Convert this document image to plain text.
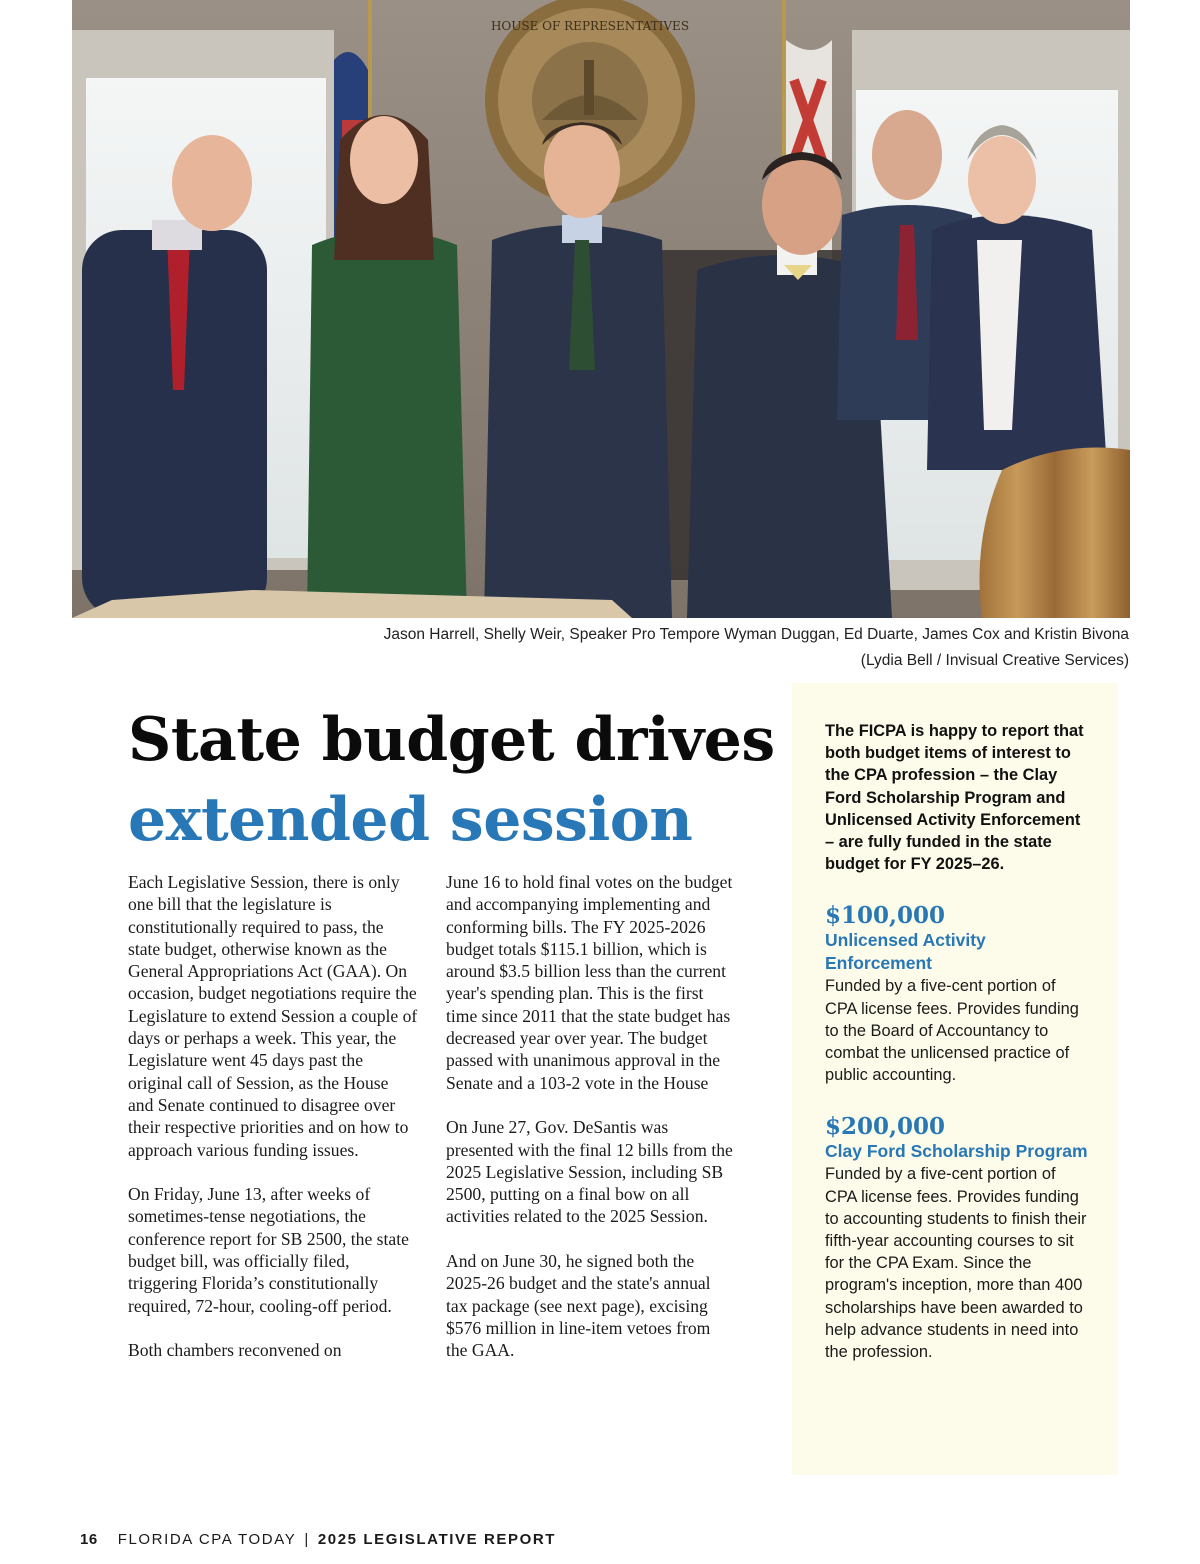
HOUSE OF REPRESENTATIVES
Jason Harrell, Shelly Weir, Speaker Pro Tempore Wyman Duggan, Ed Duarte, James Cox and Kristin Bivona
(Lydia Bell / Invisual Creative Services)
State budget drives
extended session

Each Legislative Session, there is only one bill that the legislature is constitutionally required to pass, the state budget, otherwise known as the General Appropriations Act (GAA). On occasion, budget negotiations require the Legislature to extend Session a couple of days or perhaps a week. This year, the Legislature went 45 days past the original call of Session, as the House and Senate continued to disagree over their respective priorities and on how to approach various funding issues.

On Friday, June 13, after weeks of sometimes-tense negotiations, the conference report for SB 2500, the state budget bill, was officially filed, triggering Florida’s constitutionally required, 72-hour, cooling-off period.

Both chambers reconvened on

June 16 to hold final votes on the budget and accompanying implementing and conforming bills. The FY 2025-2026 budget totals $115.1 billion, which is around $3.5 billion less than the current year's spending plan. This is the first time since 2011 that the state budget has decreased year over year. The budget passed with unanimous approval in the Senate and a 103-2 vote in the House

On June 27, Gov. DeSantis was presented with the final 12 bills from the 2025 Legislative Session, including SB 2500, putting on a final bow on all activities related to the 2025 Session.

And on June 30, he signed both the 2025-26 budget and the state's annual tax package (see next page), excising $576 million in line-item vetoes from the GAA.

The FICPA is happy to report that both budget items of interest to the CPA profession – the Clay Ford Scholarship Program and Unlicensed Activity Enforcement – are fully funded in the state budget for FY 2025–26.

$100,000
Unlicensed Activity Enforcement
Funded by a five-cent portion of CPA license fees. Provides funding to the Board of Accountancy to combat the unlicensed practice of public accounting.
$200,000
Clay Ford Scholarship Program
Funded by a five-cent portion of CPA license fees. Provides funding to accounting students to finish their fifth-year accounting courses to sit for the CPA Exam. Since the program's inception, more than 400 scholarships have been awarded to help advance students in need into the profession.
16 FLORIDA CPA TODAY | 2025 LEGISLATIVE REPORT
